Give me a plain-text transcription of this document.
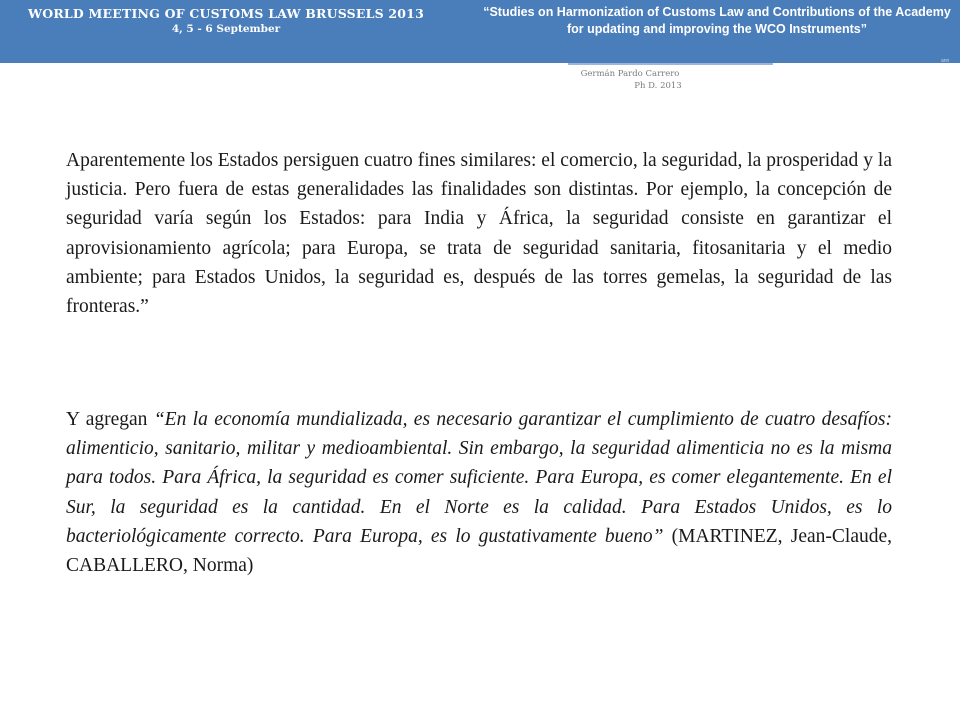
WORLD MEETING OF CUSTOMS LAW BRUSSELS 2013
4, 5 - 6 September
“Studies on Harmonization of Customs Law and Contributions of the Academy for updating and improving the WCO Instruments”
ann
Germán Pardo Carrero
Ph D. 2013

Aparentemente los Estados persiguen cuatro fines similares: el comercio, la seguridad, la prosperidad y la justicia. Pero fuera de estas generalidades las finalidades son distintas. Por ejemplo, la concepción de seguridad varía según los Estados: para India y África, la seguridad consiste en garantizar el aprovisionamiento agrícola; para Europa, se trata de seguridad sanitaria, fitosanitaria y el medio ambiente; para Estados Unidos, la seguridad es, después de las torres gemelas, la seguridad de las fronteras.”

Y agregan “En la economía mundializada, es necesario garantizar el cumplimiento de cuatro desafíos: alimenticio, sanitario, militar y medioambiental. Sin embargo, la seguridad alimenticia no es la misma para todos. Para África, la seguridad es comer suficiente. Para Europa, es comer elegantemente. En el Sur, la seguridad es la cantidad. En el Norte es la calidad. Para Estados Unidos, es lo bacteriológicamente correcto. Para Europa, es lo gustativamente bueno” (MARTINEZ, Jean-Claude, CABALLERO, Norma)
